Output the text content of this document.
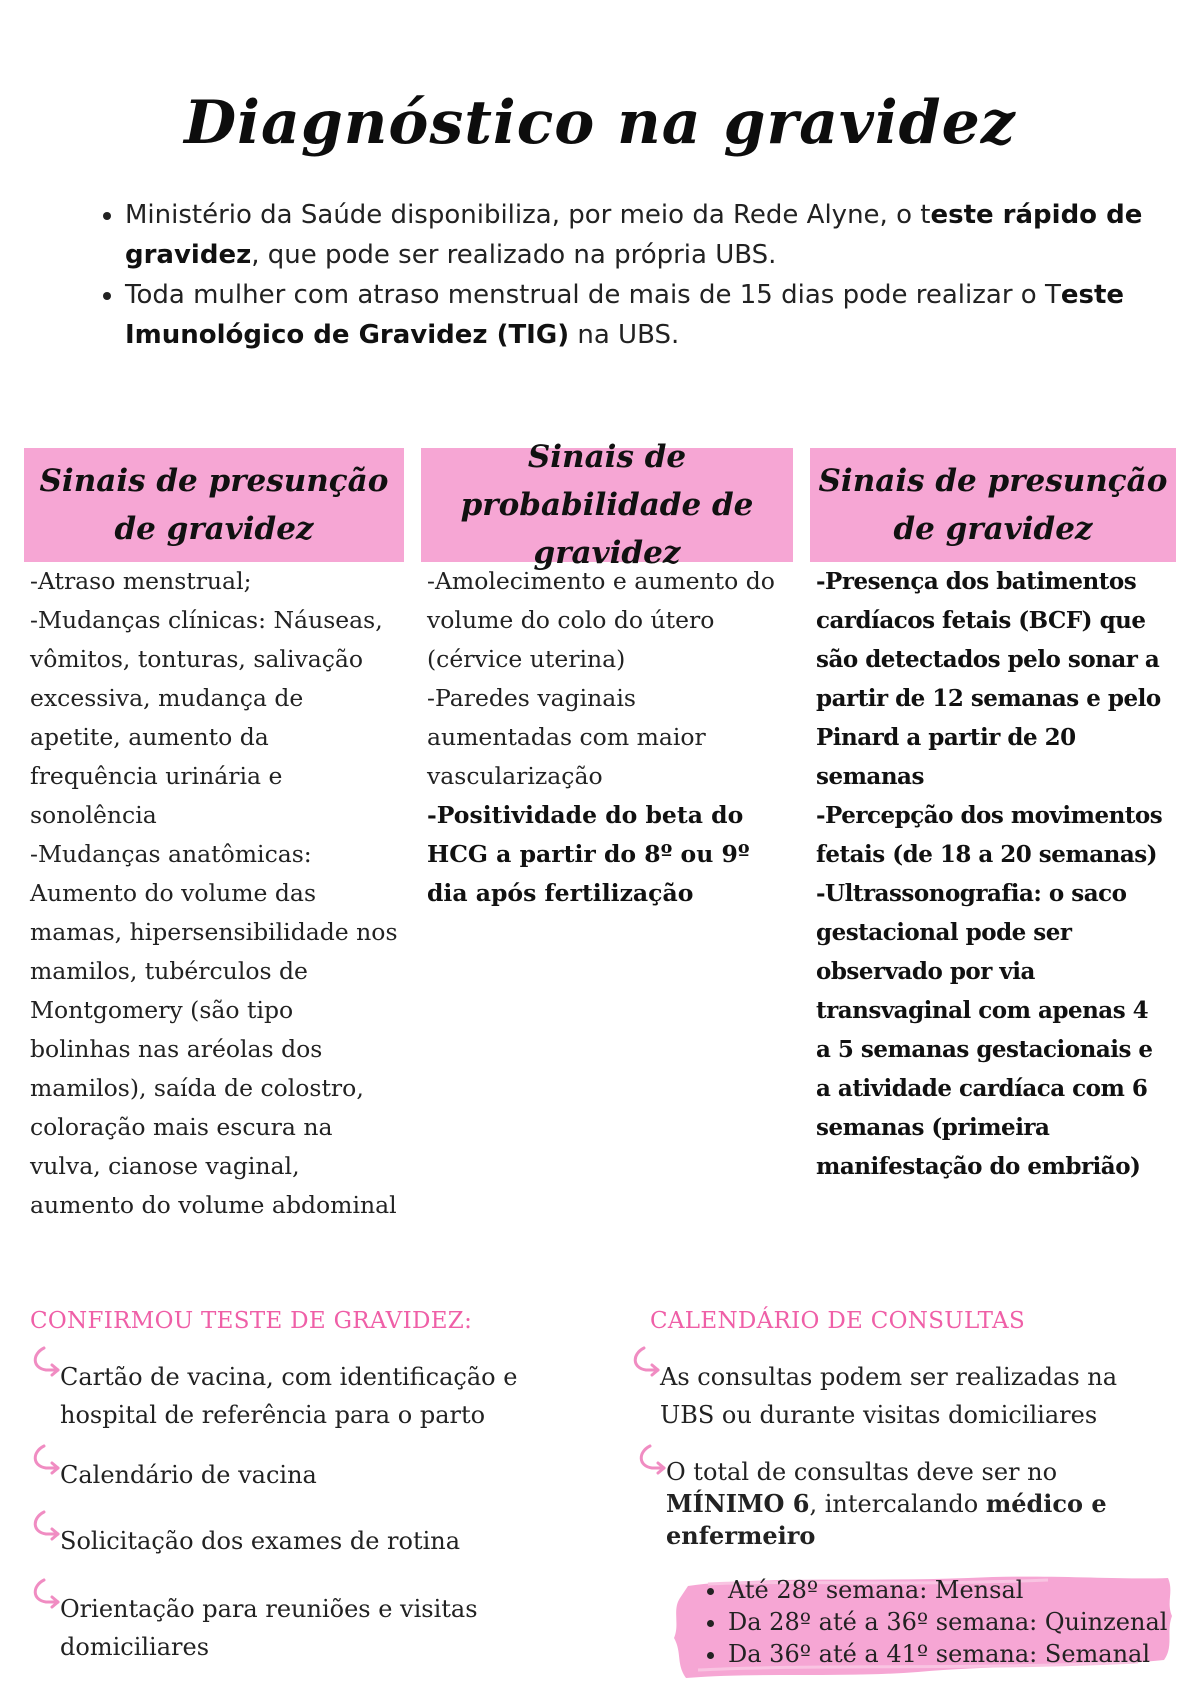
Diagnóstico na gravidez
• Ministério da Saúde disponibiliza, por meio da Rede Alyne, o teste rápido de gravidez, que pode ser realizado na própria UBS.
• Toda mulher com atraso menstrual de mais de 15 dias pode realizar o Teste Imunológico de Gravidez (TIG) na UBS.
Sinais de presunção de gravidez

-Atraso menstrual;

-Mudanças clínicas: Náuseas, vômitos, tonturas, salivação excessiva, mudança de apetite, aumento da frequência urinária e sonolência

-Mudanças anatômicas: Aumento do volume das mamas, hipersensibilidade nos mamilos, tubérculos de Montgomery (são tipo bolinhas nas aréolas dos mamilos), saída de colostro, coloração mais escura na vulva, cianose vaginal, aumento do volume abdominal

Sinais de probabilidade de gravidez

-Amolecimento e aumento do volume do colo do útero (cérvice uterina)

-Paredes vaginais aumentadas com maior vascularização

-Positividade do beta do HCG a partir do 8º ou 9º dia após fertilização

Sinais de presunção de gravidez

-Presença dos batimentos cardíacos fetais (BCF) que são detectados pelo sonar a partir de 12 semanas e pelo Pinard a partir de 20 semanas

-Percepção dos movimentos fetais (de 18 a 20 semanas)

-Ultrassonografia: o saco gestacional pode ser observado por via transvaginal com apenas 4 a 5 semanas gestacionais e a atividade cardíaca com 6 semanas (primeira manifestação do embrião)

CONFIRMOU TESTE DE GRAVIDEZ:
Cartão de vacina, com identificação e hospital de referência para o parto
Calendário de vacina
Solicitação dos exames de rotina
Orientação para reuniões e visitas domiciliares
CALENDÁRIO DE CONSULTAS
As consultas podem ser realizadas na UBS ou durante visitas domiciliares
O total de consultas deve ser no MÍNIMO 6, intercalando médico e enfermeiro
• Até 28º semana: Mensal
• Da 28º até a 36º semana: Quinzenal
• Da 36º até a 41º semana: Semanal
